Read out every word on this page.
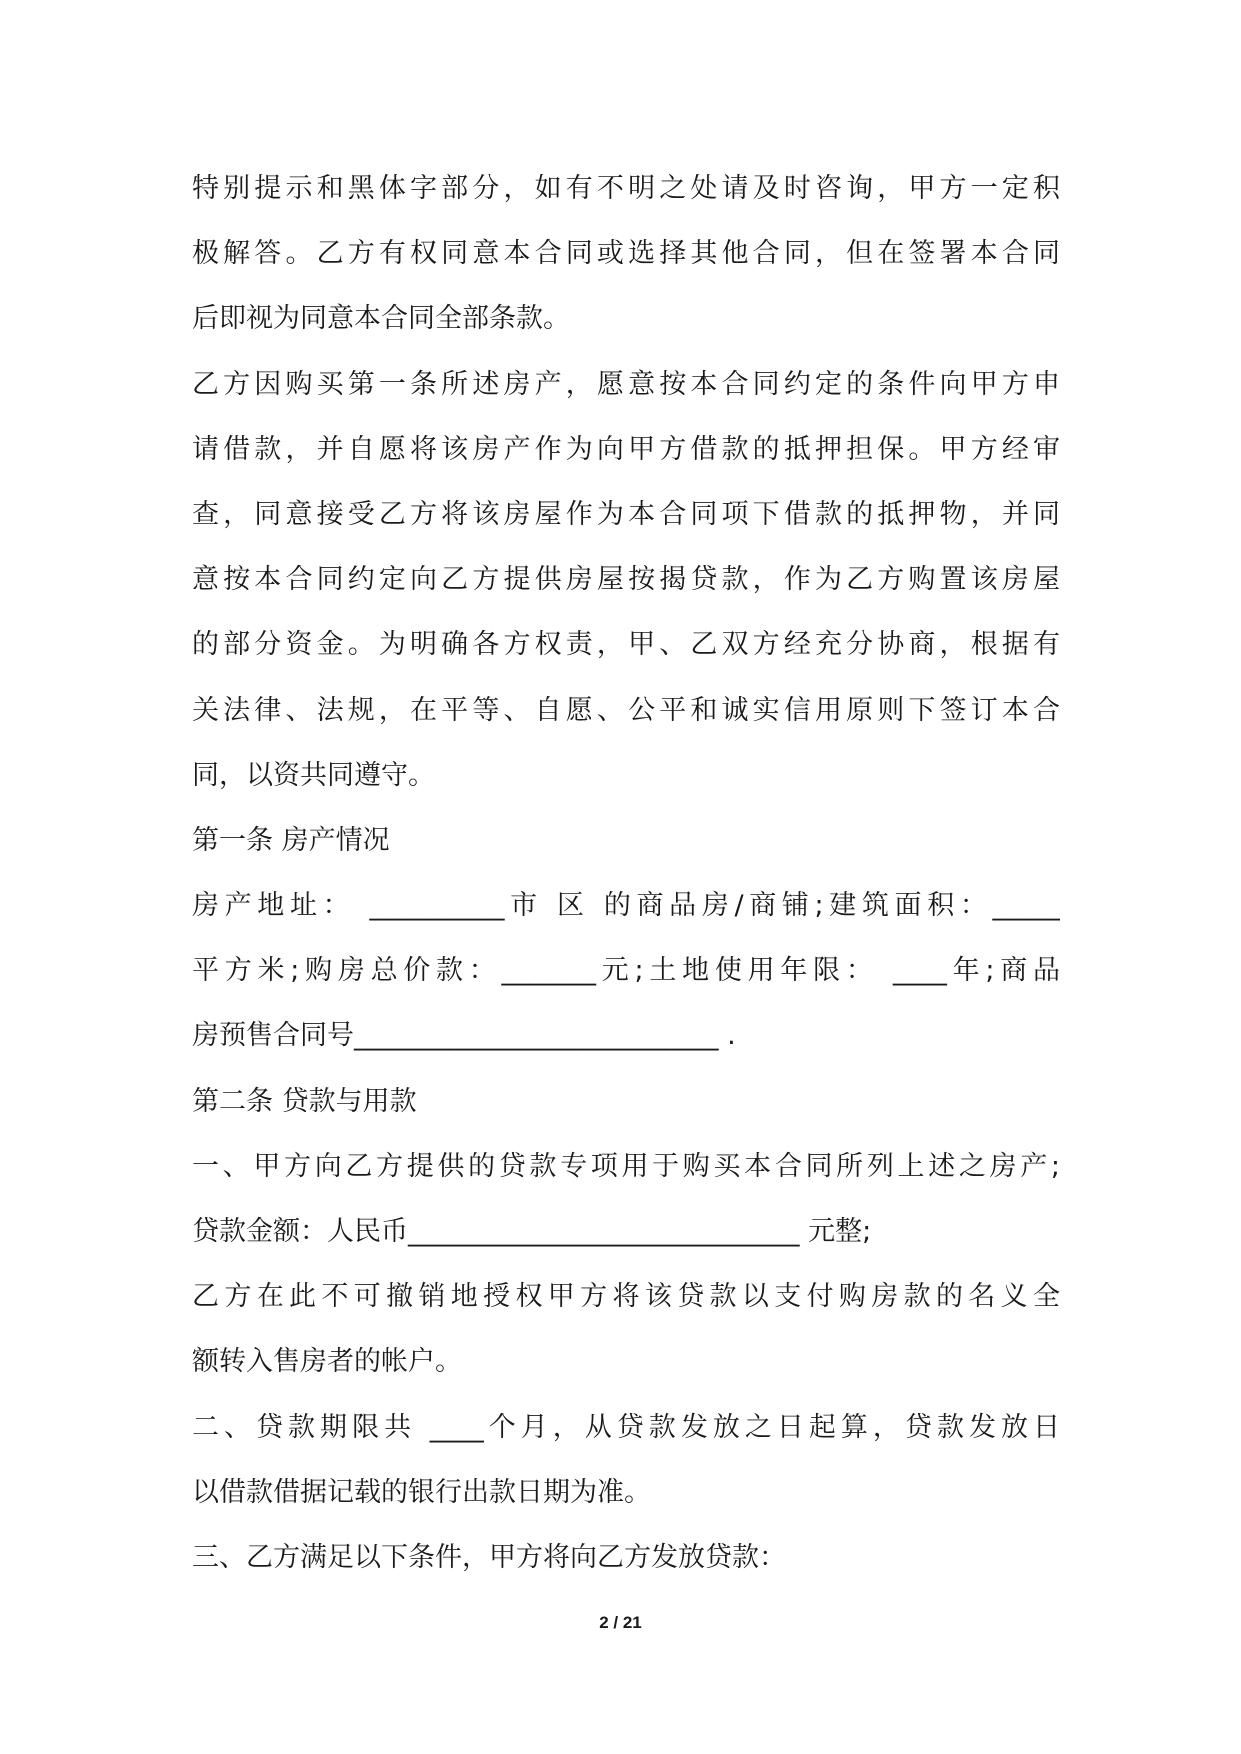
特别提示和黑体字部分，如有不明之处请及时咨询，甲方一定积
极解答。乙方有权同意本合同或选择其他合同，但在签署本合同
后即视为同意本合同全部条款。
乙方因购买第一条所述房产，愿意按本合同约定的条件向甲方申
请借款，并自愿将该房产作为向甲方借款的抵押担保。甲方经审
查，同意接受乙方将该房屋作为本合同项下借款的抵押物，并同
意按本合同约定向乙方提供房屋按揭贷款，作为乙方购置该房屋
的部分资金。为明确各方权责，甲、乙双方经充分协商，根据有
关法律、法规，在平等、自愿、公平和诚实信用原则下签订本合
同，以资共同遵守。
第一条 房产情况
房产地址： __________市 区 的商品房/商铺;建筑面积：_____
平方米;购房总价款：_______元;土地使用年限： ____年;商品
房预售合同号___________________________ .
第二条 贷款与用款
一、甲方向乙方提供的贷款专项用于购买本合同所列上述之房产;
贷款金额：人民币_____________________________ 元整;
乙方在此不可撤销地授权甲方将该贷款以支付购房款的名义全
额转入售房者的帐户。
二、贷款期限共 ____个月，从贷款发放之日起算，贷款发放日
以借款借据记载的银行出款日期为准。
三、乙方满足以下条件，甲方将向乙方发放贷款：
2 / 21
